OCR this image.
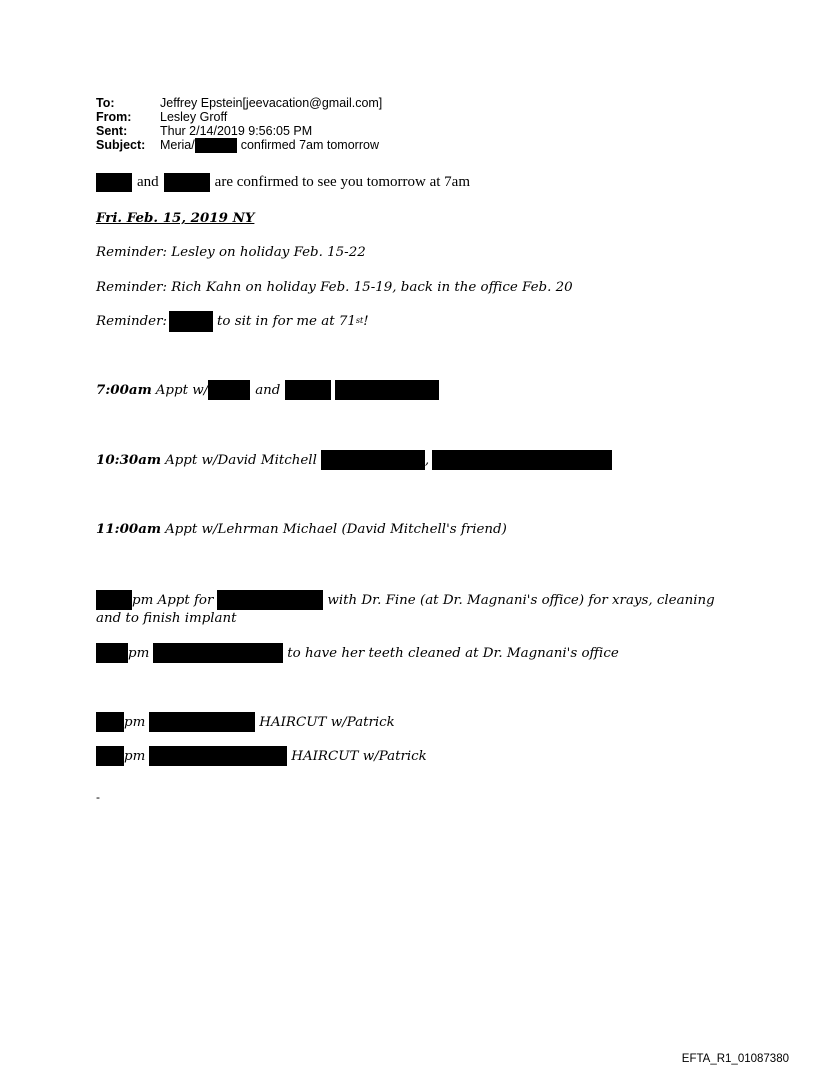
To:	Jeffrey Epstein[jeevacation@gmail.com]
From:	Lesley Groff
Sent:	Thur 2/14/2019 9:56:05 PM
Subject:	Meria/	confirmed 7am tomorrow
and	are confirmed to see you tomorrow at 7am
Fri. Feb. 15, 2019 NY
Reminder: Lesley on holiday Feb. 15-22
Reminder: Rich Kahn on holiday Feb. 15-19, back in the office Feb. 20
Reminder:	to sit in for me at 71 st !
7:00am Appt w/	and
10:30am Appt w/David Mitchell	,
11:00am Appt w/Lehrman Michael (David Mitchell's friend)
pm Appt for	with Dr. Fine (at Dr. Magnani's office) for xrays, cleaning
and to finish implant
pm	to have her teeth cleaned at Dr. Magnani's office
pm	HAIRCUT w/Patrick
pm	HAIRCUT w/Patrick
-
EFTA_R1_01087380
